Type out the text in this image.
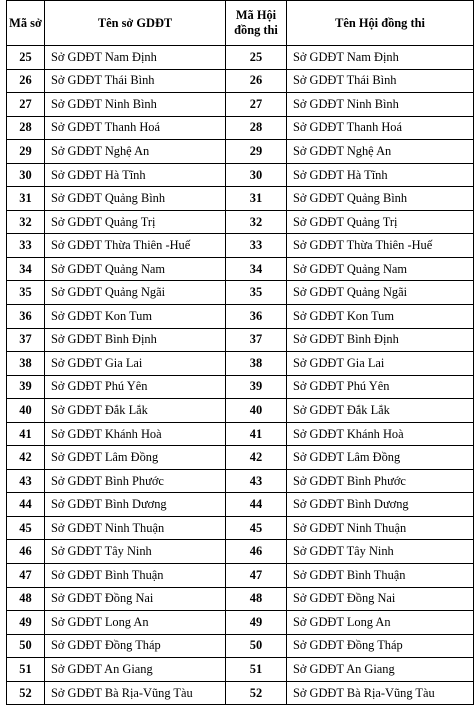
Mã sở	Tên sở GDĐT	Mã Hội đồng thi	Tên Hội đồng thi
25	Sở GDĐT Nam Định	25	Sở GDĐT Nam Định
26	Sở GDĐT Thái Bình	26	Sở GDĐT Thái Bình
27	Sở GDĐT Ninh Bình	27	Sở GDĐT Ninh Bình
28	Sở GDĐT Thanh Hoá	28	Sở GDĐT Thanh Hoá
29	Sở GDĐT Nghệ An	29	Sở GDĐT Nghệ An
30	Sở GDĐT Hà Tĩnh	30	Sở GDĐT Hà Tĩnh
31	Sở GDĐT Quảng Bình	31	Sở GDĐT Quảng Bình
32	Sở GDĐT Quảng Trị	32	Sở GDĐT Quảng Trị
33	Sở GDĐT Thừa Thiên -Huế	33	Sở GDĐT Thừa Thiên -Huế
34	Sở GDĐT Quảng Nam	34	Sở GDĐT Quảng Nam
35	Sở GDĐT Quảng Ngãi	35	Sở GDĐT Quảng Ngãi
36	Sở GDĐT Kon Tum	36	Sở GDĐT Kon Tum
37	Sở GDĐT Bình Định	37	Sở GDĐT Bình Định
38	Sở GDĐT Gia Lai	38	Sở GDĐT Gia Lai
39	Sở GDĐT Phú Yên	39	Sở GDĐT Phú Yên
40	Sở GDĐT Đắk Lắk	40	Sở GDĐT Đắk Lắk
41	Sở GDĐT Khánh Hoà	41	Sở GDĐT Khánh Hoà
42	Sở GDĐT Lâm Đồng	42	Sở GDĐT Lâm Đồng
43	Sở GDĐT Bình Phước	43	Sở GDĐT Bình Phước
44	Sở GDĐT Bình Dương	44	Sở GDĐT Bình Dương
45	Sở GDĐT Ninh Thuận	45	Sở GDĐT Ninh Thuận
46	Sở GDĐT Tây Ninh	46	Sở GDĐT Tây Ninh
47	Sở GDĐT Bình Thuận	47	Sở GDĐT Bình Thuận
48	Sở GDĐT Đồng Nai	48	Sở GDĐT Đồng Nai
49	Sở GDĐT Long An	49	Sở GDĐT Long An
50	Sở GDĐT Đồng Tháp	50	Sở GDĐT Đồng Tháp
51	Sở GDĐT An Giang	51	Sở GDĐT An Giang
52	Sở GDĐT Bà Rịa-Vũng Tàu	52	Sở GDĐT Bà Rịa-Vũng Tàu
